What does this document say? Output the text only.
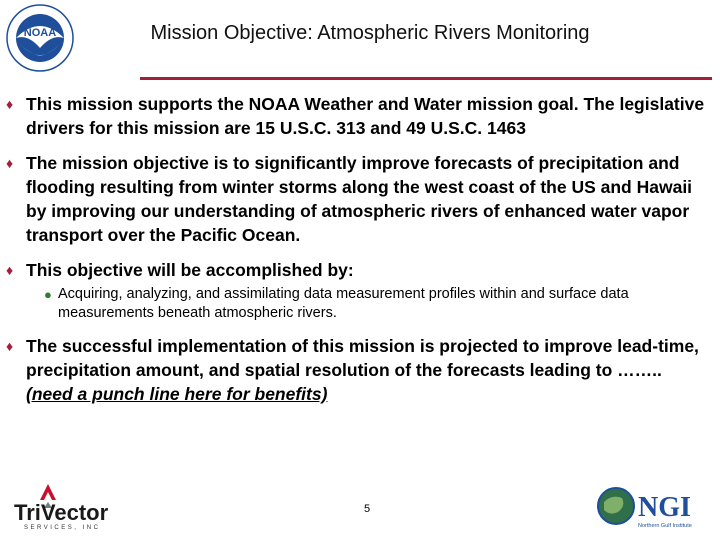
NOAA	Mission Objective: Atmospheric Rivers Monitoring
♦ This mission supports the NOAA Weather and Water mission goal. The legislative drivers for this mission are 15 U.S.C. 313 and 49 U.S.C. 1463
♦ The mission objective is to significantly improve forecasts of precipitation and flooding resulting from winter storms along the west coast of the US and Hawaii by improving our understanding of atmospheric rivers of enhanced water vapor transport over the Pacific Ocean.
♦ This objective will be accomplished by:
● Acquiring, analyzing, and assimilating data measurement profiles within and surface data measurements beneath atmospheric rivers.
♦ The successful implementation of this mission is projected to improve lead-time, precipitation amount, and spatial resolution of the forecasts leading to …….. (need a punch line here for benefits)
TriVector
SERVICES, INC
5	NGI
Northern Gulf Institute
